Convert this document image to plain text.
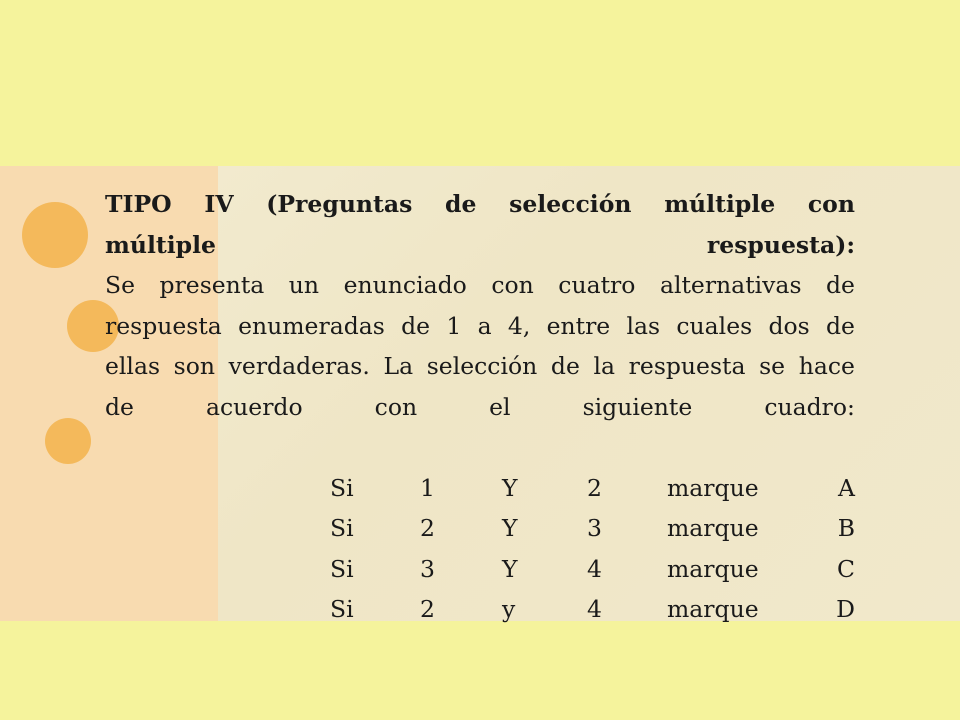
TIPO IV (Preguntas de selección múltiple con
múltiple	respuesta):
Se presenta un enunciado con cuatro alternativas de
respuesta enumeradas de 1 a 4, entre las cuales dos de
ellas son verdaderas. La selección de la respuesta se hace
de	acuerdo	con	el	siguiente	cuadro:
Si	1	Y	2	marque	A
Si	2	Y	3	marque	B
Si	3	Y	4	marque	C
Si	2	y	4	marque	D
